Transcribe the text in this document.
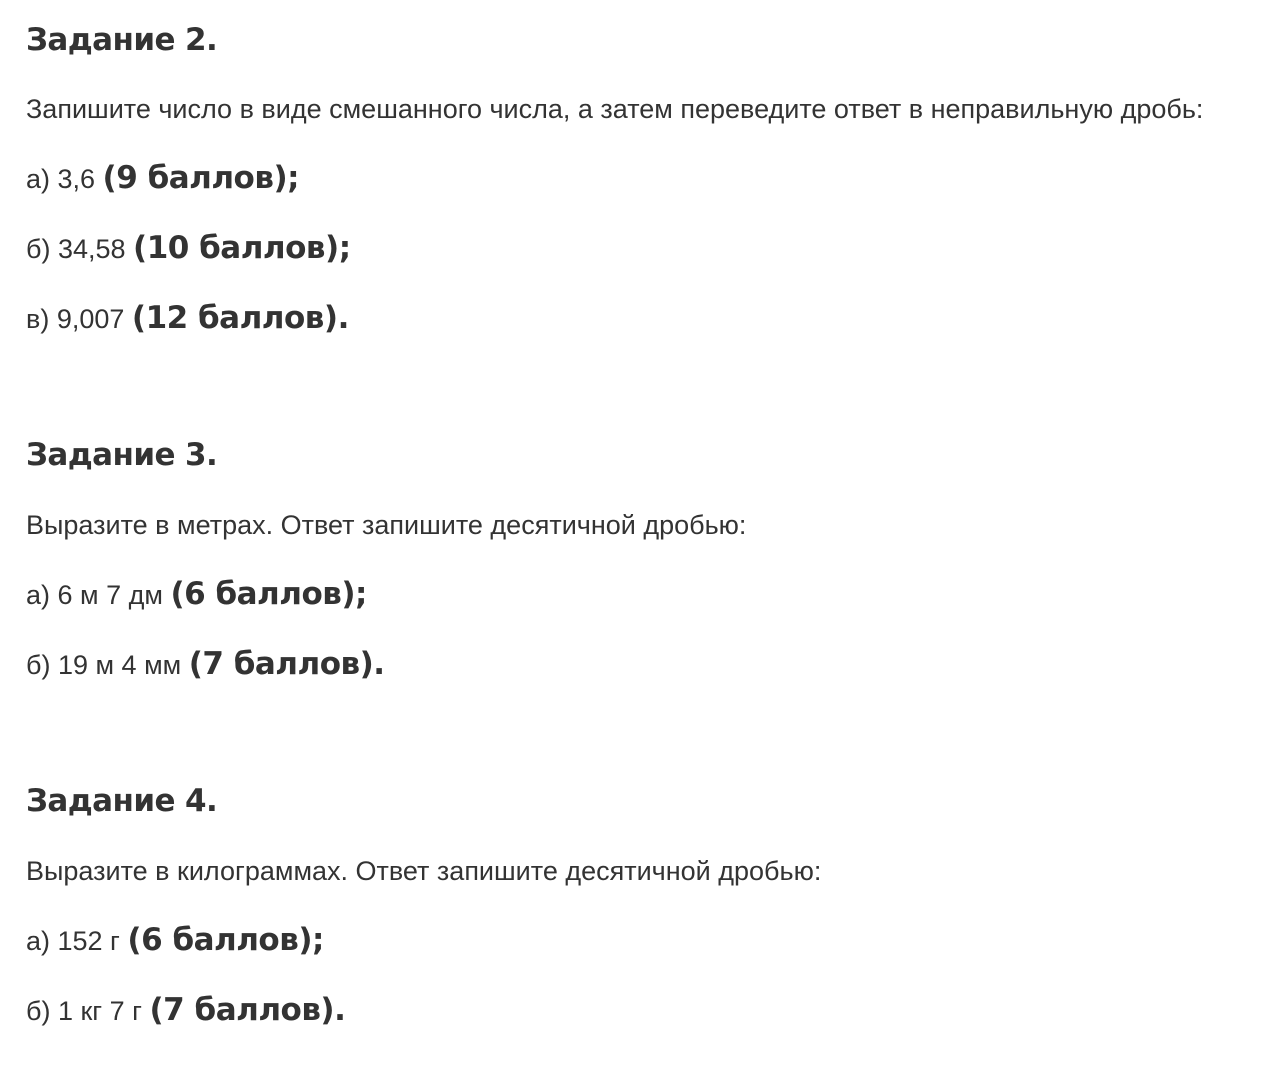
Задание 2.

Запишите число в виде смешанного числа, а затем переведите ответ в неправильную дробь:

а) 3,6 (9 баллов);

б) 34,58 (10 баллов);

в) 9,007 (12 баллов).

Задание 3.

Выразите в метрах. Ответ запишите десятичной дробью:

а) 6 м 7 дм (6 баллов);

б) 19 м 4 мм (7 баллов).

Задание 4.

Выразите в килограммах. Ответ запишите десятичной дробью:

а) 152 г (6 баллов);

б) 1 кг 7 г (7 баллов).
